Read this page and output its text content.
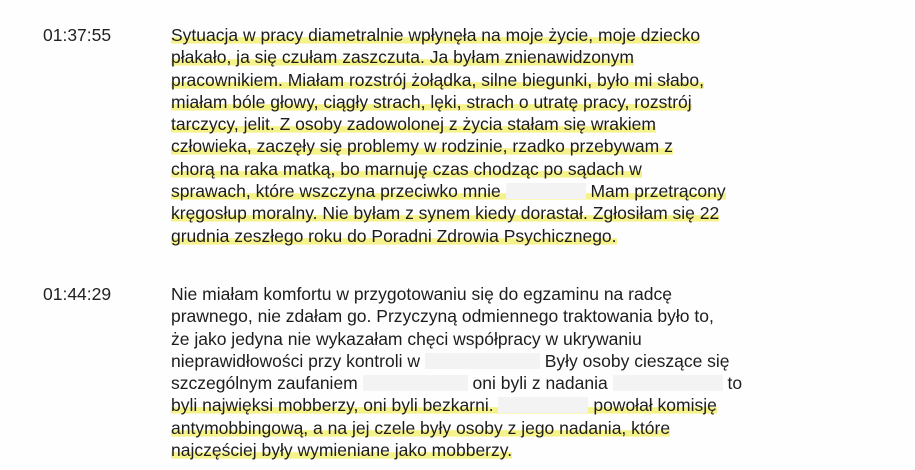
01:37:55	Sytuacja w pracy diametralnie wpłynęła na moje życie, moje dziecko
płakało, ja się czułam zaszczuta. Ja byłam znienawidzonym
pracownikiem. Miałam rozstrój żołądka, silne biegunki, było mi słabo,
miałam bóle głowy, ciągły strach, lęki, strach o utratę pracy, rozstrój
tarczycy, jelit. Z osoby zadowolonej z życia stałam się wrakiem
człowieka, zaczęły się problemy w rodzinie, rzadko przebywam z
chorą na raka matką, bo marnuję czas chodząc po sądach w
sprawach, które wszczyna przeciwko mnie	Mam przetrącony
kręgosłup moralny. Nie byłam z synem kiedy dorastał. Zgłosiłam się 22
grudnia zeszłego roku do Poradni Zdrowia Psychicznego.
01:44:29	Nie miałam komfortu w przygotowaniu się do egzaminu na radcę
prawnego, nie zdałam go. Przyczyną odmiennego traktowania było to,
że jako jedyna nie wykazałam chęci współpracy w ukrywaniu
nieprawidłowości przy kontroli w	Były osoby cieszące się
szczególnym zaufaniem	oni byli z nadania	to
byli najwięksi mobberzy, oni byli bezkarni.	powołał komisję
antymobbingową, a na jej czele były osoby z jego nadania, które
najczęściej były wymieniane jako mobberzy.
